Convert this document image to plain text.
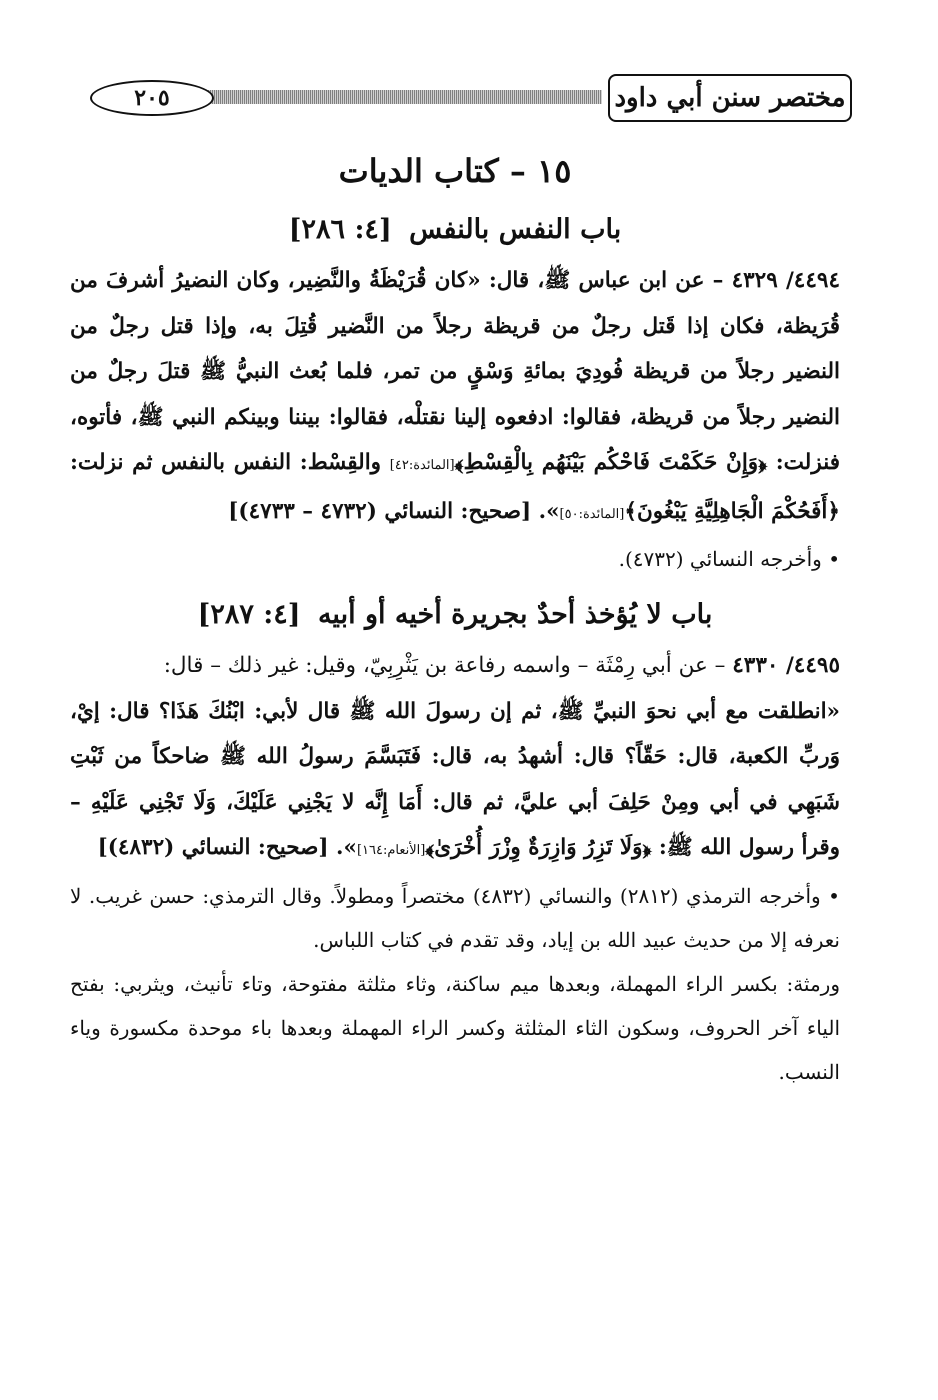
٢٠٥	مختصر سنن أبي داود
١٥ – كتاب الديات
باب النفس بالنفس [٤: ٢٨٦]

٤٤٩٤/ ٤٣٢٩ – عن ابن عباس ﷺ، قال: «كان قُرَيْظَةُ والنَّضِير، وكان النضيرُ أشرفَ من قُرَيظة، فكان إذا قَتل رجلٌ من قريظة رجلاً من النَّضير قُتِلَ به، وإذا قتل رجلٌ من النضير رجلاً من قريظة فُودِيَ بمائةِ وَسْقٍ من تمر، فلما بُعث النبيُّ ﷺ قتلَ رجلٌ من النضير رجلاً من قريظة، فقالوا: ادفعوه إلينا نقتلْه، فقالوا: بيننا وبينكم النبي ﷺ، فأتوه، فنزلت: ﴿وَإِنْ حَكَمْتَ فَاحْكُم بَيْنَهُم بِالْقِسْطِ﴾[المائدة:٤٢] والقِسْط: النفس بالنفس ثم نزلت: ﴿أَفَحُكْمَ الْجَاهِلِيَّةِ يَبْغُونَ﴾[المائدة:٥٠]». [صحيح: النسائي (٤٧٣٢ – ٤٧٣٣)]

• وأخرجه النسائي (٤٧٣٢).

باب لا يُؤخذ أحدٌ بجريرة أخيه أو أبيه [٤: ٢٨٧]

٤٤٩٥/ ٤٣٣٠ – عن أبي رِمْثَة – واسمه رفاعة بن يَثْرِبِيّ، وقيل: غير ذلك – قال:

«انطلقت مع أبي نحوَ النبيِّ ﷺ، ثم إن رسولَ الله ﷺ قال لأبي: ابْنُكَ هَذَا؟ قال: إيْ، وَربِّ الكعبة، قال: حَقّاً؟ قال: أشهدُ به، قال: فَتَبَسَّمَ رسولُ الله ﷺ ضاحكاً من ثَبْتِ شَبَهِي في أبي ومِنْ حَلِفَ أبي عليَّ، ثم قال: أَمَا إِنَّه لا يَجْنِي عَلَيْكَ، وَلَا تَجْنِي عَلَيْهِ – وقرأ رسول الله ﷺ: ﴿وَلَا تَزِرُ وَازِرَةٌ وِزْرَ أُخْرَىٰ﴾[الأنعام:١٦٤]». [صحيح: النسائي (٤٨٣٢)]

• وأخرجه الترمذي (٢٨١٢) والنسائي (٤٨٣٢) مختصراً ومطولاً. وقال الترمذي: حسن غريب. لا نعرفه إلا من حديث عبيد الله بن إياد، وقد تقدم في كتاب اللباس.

ورمثة: بكسر الراء المهملة، وبعدها ميم ساكنة، وثاء مثلثة مفتوحة، وتاء تأنيث، ويثربي: بفتح الياء آخر الحروف، وسكون الثاء المثلثة وكسر الراء المهملة وبعدها باء موحدة مكسورة وياء النسب.
